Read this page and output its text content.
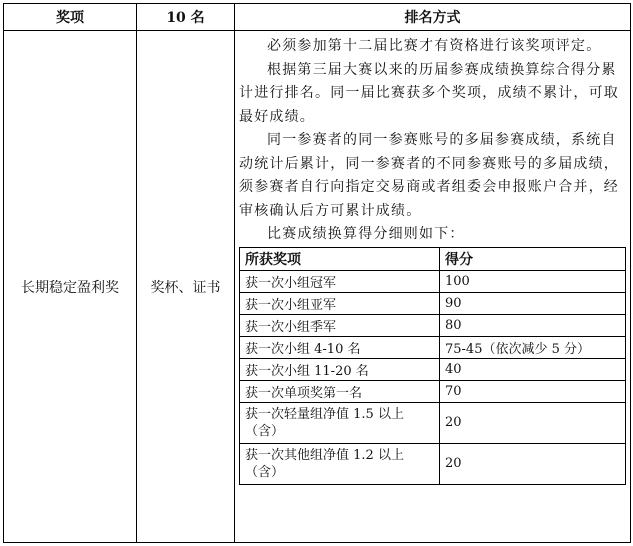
奖项	10 名	排名方式
长期稳定盈利奖	奖杯、证书	

必须参加第十二届比赛才有资格进行该奖项评定。

根据第三届大赛以来的历届参赛成绩换算综合得分累计进行排名。同一届比赛获多个奖项，成绩不累计，可取最好成绩。

同一参赛者的同一参赛账号的多届参赛成绩，系统自动统计后累计，同一参赛者的不同参赛账号的多届成绩，须参赛者自行向指定交易商或者组委会申报账户合并，经审核确认后方可累计成绩。

比赛成绩换算得分细则如下：

所获奖项	得分
获一次小组冠军	100
获一次小组亚军	90
获一次小组季军	80
获一次小组 4-10 名	75-45（依次减少 5 分）
获一次小组 11-20 名	40
获一次单项奖第一名	70
获一次轻量组净值 1.5 以上（含）	20
获一次其他组净值 1.2 以上（含）	20
